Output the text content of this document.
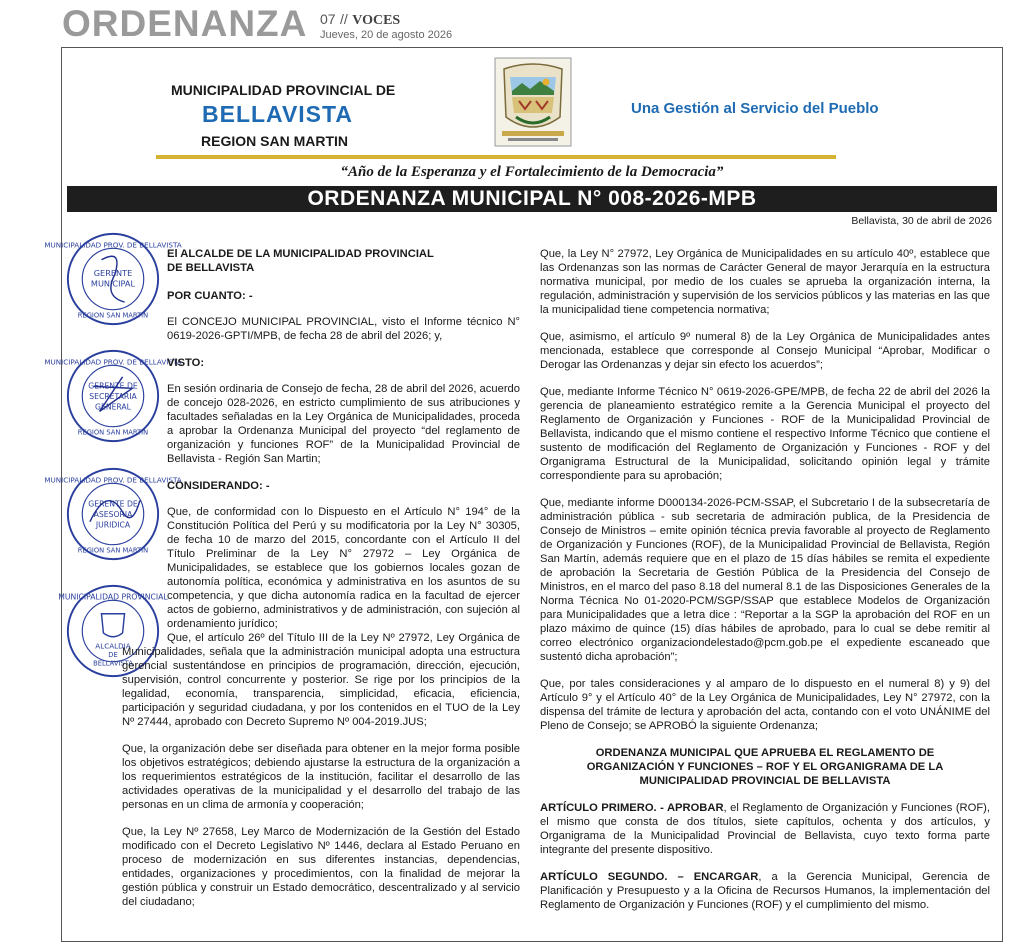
ORDENANZA 07 // VOCES
Jueves, 20 de agosto 2026
MUNICIPALIDAD PROVINCIAL DE
BELLAVISTA
REGION SAN MARTIN
Una Gestión al Servicio del Pueblo
“Año de la Esperanza y el Fortalecimiento de la Democracia”
ORDENANZA MUNICIPAL N° 008-2026-MPB
Bellavista, 30 de abril de 2026
MUNICIPALIDAD PROV. DE BELLAVISTA
GERENTE
MUNICIPAL
REGION SAN MARTIN
MUNICIPALIDAD PROV. DE BELLAVISTA
GERENTE DE
SECRETARIA
GENERAL
REGION SAN MARTIN
MUNICIPALIDAD PROV. DE BELLAVISTA
GERENTE DE
ASESORIA
JURIDICA
REGION SAN MARTIN
MUNICIPALIDAD PROVINCIAL
ALCALDIA
DE
BELLAVISTA
El ALCALDE DE LA MUNICIPALIDAD PROVINCIAL
DE BELLAVISTA
POR CUANTO: -

El CONCEJO MUNICIPAL PROVINCIAL, visto el Informe técnico N° 0619-2026-GPTI/MPB, de fecha 28 de abril del 2026; y,

VISTO:

En sesión ordinaria de Consejo de fecha, 28 de abril del 2026, acuerdo de concejo 028-2026, en estricto cumplimiento de sus atribuciones y facultades señaladas en la Ley Orgánica de Municipalidades, proceda a aprobar la Ordenanza Municipal del proyecto “del reglamento de organización y funciones ROF” de la Municipalidad Provincial de Bellavista - Región San Martin;

CONSIDERANDO: -

Que, de conformidad con lo Dispuesto en el Artículo N° 194° de la Constitución Política del Perú y su modificatoria por la Ley N° 30305, de fecha 10 de marzo del 2015, concordante con el Artículo II del Título Preliminar de la Ley N° 27972 – Ley Orgánica de Municipalidades, se establece que los gobiernos locales gozan de autonomía política, económica y administrativa en los asuntos de su competencia, y que dicha autonomía radica en la facultad de ejercer actos de gobierno, administrativos y de administración, con sujeción al ordenamiento jurídico;

Que, el artículo 26º del Título III de la Ley Nº 27972, Ley Orgánica de Municipalidades, señala que la administración municipal adopta una estructura gerencial sustentándose en principios de programación, dirección, ejecución, supervisión, control concurrente y posterior. Se rige por los principios de la legalidad, economía, transparencia, simplicidad, eficacia, eficiencia, participación y seguridad ciudadana, y por los contenidos en el TUO de la Ley Nº 27444, aprobado con Decreto Supremo Nº 004-2019.JUS;

Que, la organización debe ser diseñada para obtener en la mejor forma posible los objetivos estratégicos; debiendo ajustarse la estructura de la organización a los requerimientos estratégicos de la institución, facilitar el desarrollo de las actividades operativas de la municipalidad y el desarrollo del trabajo de las personas en un clima de armonía y cooperación;

Que, la Ley Nº 27658, Ley Marco de Modernización de la Gestión del Estado modificado con el Decreto Legislativo Nº 1446, declara al Estado Peruano en proceso de modernización en sus diferentes instancias, dependencias, entidades, organizaciones y procedimientos, con la finalidad de mejorar la gestión pública y construir un Estado democrático, descentralizado y al servicio del ciudadano;

Que, la Ley N° 27972, Ley Orgánica de Municipalidades en su artículo 40º, establece que las Ordenanzas son las normas de Carácter General de mayor Jerarquía en la estructura normativa municipal, por medio de los cuales se aprueba la organización interna, la regulación, administración y supervisión de los servicios públicos y las materias en las que la municipalidad tiene competencia normativa;

Que, asimismo, el artículo 9º numeral 8) de la Ley Orgánica de Municipalidades antes mencionada, establece que corresponde al Consejo Municipal “Aprobar, Modificar o Derogar las Ordenanzas y dejar sin efecto los acuerdos”;

Que, mediante Informe Técnico N° 0619-2026-GPE/MPB, de fecha 22 de abril del 2026 la gerencia de planeamiento estratégico remite a la Gerencia Municipal el proyecto del Reglamento de Organización y Funciones - ROF de la Municipalidad Provincial de Bellavista, indicando que el mismo contiene el respectivo Informe Técnico que contiene el sustento de modificación del Reglamento de Organización y Funciones - ROF y del Organigrama Estructural de la Municipalidad, solicitando opinión legal y trámite correspondiente para su aprobación;

Que, mediante informe D000134-2026-PCM-SSAP, el Subcretario I de la subsecretaría de administración pública - sub secretaria de admiración publica, de la Presidencia de Consejo de Ministros – emite opinión técnica previa favorable al proyecto de Reglamento de Organización y Funciones (ROF), de la Municipalidad Provincial de Bellavista, Región San Martín, además requiere que en el plazo de 15 días hábiles se remita el expediente de aprobación la Secretaria de Gestión Pública de la Presidencia del Consejo de Ministros, en el marco del paso 8.18 del numeral 8.1 de las Disposiciones Generales de la Norma Técnica No 01-2020-PCM/SGP/SSAP que establece Modelos de Organización para Municipalidades que a letra dice : “Reportar a la SGP la aprobación del ROF en un plazo máximo de quince (15) días hábiles de aprobado, para lo cual se debe remitir al correo electrónico organizaciondelestado@pcm.gob.pe el expediente escaneado que sustentó dicha aprobación”;

Que, por tales consideraciones y al amparo de lo dispuesto en el numeral 8) y 9) del Artículo 9° y el Artículo 40° de la Ley Orgánica de Municipalidades, Ley N° 27972, con la dispensa del trámite de lectura y aprobación del acta, contando con el voto UNÁNIME del Pleno de Consejo; se APROBÓ la siguiente Ordenanza;

ORDENANZA MUNICIPAL QUE APRUEBA EL REGLAMENTO DE ORGANIZACIÓN Y FUNCIONES – ROF Y EL ORGANIGRAMA DE LA MUNICIPALIDAD PROVINCIAL DE BELLAVISTA

ARTÍCULO PRIMERO. - APROBAR, el Reglamento de Organización y Funciones (ROF), el mismo que consta de dos títulos, siete capítulos, ochenta y dos artículos, y Organigrama de la Municipalidad Provincial de Bellavista, cuyo texto forma parte integrante del presente dispositivo.

ARTÍCULO SEGUNDO. – ENCARGAR, a la Gerencia Municipal, Gerencia de Planificación y Presupuesto y a la Oficina de Recursos Humanos, la implementación del Reglamento de Organización y Funciones (ROF) y el cumplimiento del mismo.
